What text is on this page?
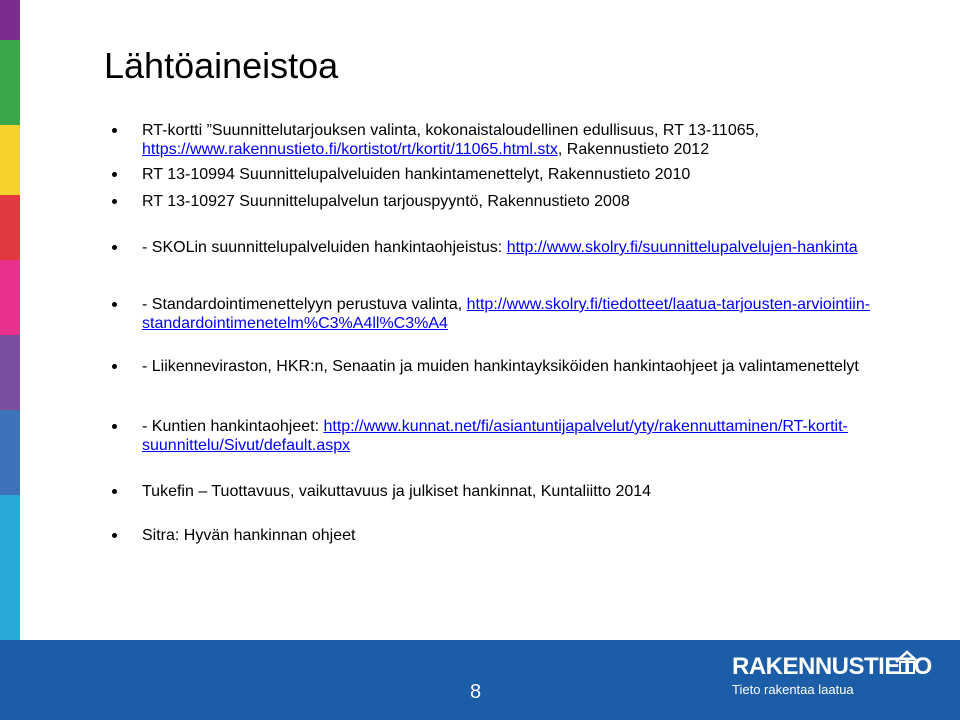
Lähtöaineistoa
RT-kortti ”Suunnittelutarjouksen valinta, kokonaistaloudellinen edullisuus, RT 13-11065, https://www.rakennustieto.fi/kortistot/rt/kortit/11065.html.stx, Rakennustieto 2012
RT 13-10994 Suunnittelupalveluiden hankintamenettelyt, Rakennustieto 2010
RT 13-10927 Suunnittelupalvelun tarjouspyyntö, Rakennustieto 2008
- SKOLin suunnittelupalveluiden hankintaohjeistus: http://www.skolry.fi/suunnittelupalvelujen-hankinta
- Standardointimenettelyyn perustuva valinta, http://www.skolry.fi/tiedotteet/laatua-tarjousten-arviointiin-standardointimenetelm%C3%A4ll%C3%A4
- Liikenneviraston, HKR:n, Senaatin ja muiden hankintayksiköiden hankintaohjeet ja valintamenettelyt
- Kuntien hankintaohjeet: http://www.kunnat.net/fi/asiantuntijapalvelut/yty/rakennuttaminen/RT-kortit-suunnittelu/Sivut/default.aspx
Tukefin – Tuottavuus, vaikuttavuus ja julkiset hankinnat, Kuntaliitto 2014
Sitra: Hyvän hankinnan ohjeet
8
RAKENNUSTIETO
Tieto rakentaa laatua
